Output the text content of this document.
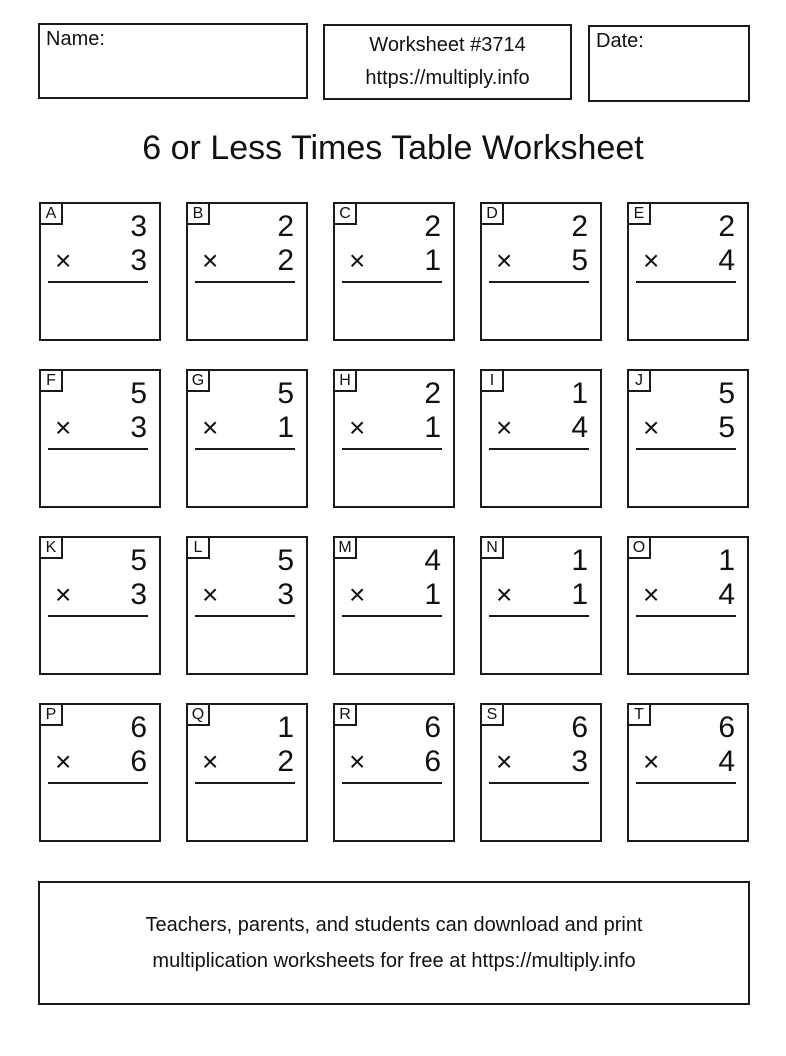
Name:	Worksheet #3714
https://multiply.info
Date:
6 or Less Times Table Worksheet
A	3
× 3
B	2
× 2
C	2
× 1
D	2
× 5
E	2
× 4
F	5
× 3
G	5
× 1
H	2
× 1
I	1
× 4
J	5
× 5
K	5
× 3
L	5
× 3
M	4
× 1
N	1
× 1
O	1
× 4
P	6
× 6
Q	1
× 2
R	6
× 6
S	6
× 3
T	6
× 4
Teachers, parents, and students can download and print
multiplication worksheets for free at https://multiply.info
